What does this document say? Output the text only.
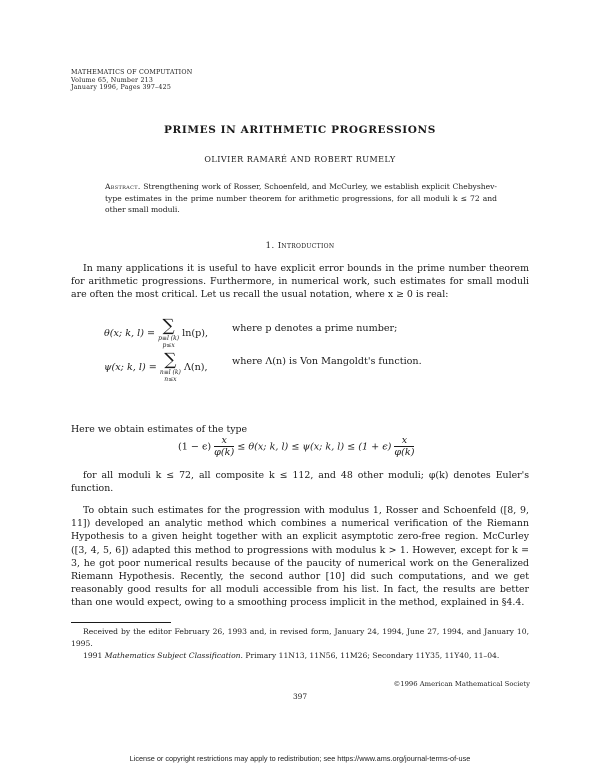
MATHEMATICS OF COMPUTATION
Volume 65, Number 213
January 1996, Pages 397–425
PRIMES IN ARITHMETIC PROGRESSIONS
OLIVIER RAMARÉ AND ROBERT RUMELY
Abstract. Strengthening work of Rosser, Schoenfeld, and McCurley, we establish explicit Chebyshev-type estimates in the prime number theorem for arithmetic progressions, for all moduli k ≤ 72 and other small moduli.
1. Introduction
In many applications it is useful to have explicit error bounds in the prime number theorem for arithmetic progressions. Furthermore, in numerical work, such estimates for small moduli are often the most critical. Let us recall the usual notation, where x ≥ 0 is real:
θ(x; k, l) = ∑
p≡l (k)
p≤x
ln(p), where p denotes a prime number;
ψ(x; k, l) = ∑
n≡l (k)
n≤x
Λ(n),
where Λ(n) is Von Mangoldt's function.
Here we obtain estimates of the type
$(1 - \epsilon) \frac{x}{\varphi(k)} \le \theta(x$; k, l) ≤ ψ(x; k, $l) \le (1 + \epsilon) \frac{x}{\varphi(k)}$
for all moduli k ≤ 72, all composite k ≤ 112, and 48 other moduli; φ(k) denotes Euler's function.
To obtain such estimates for the progression with modulus 1, Rosser and Schoenfeld ([8, 9, 11]) developed an analytic method which combines a numerical verification of the Riemann Hypothesis to a given height together with an explicit asymptotic zero-free region. McCurley ([3, 4, 5, 6]) adapted this method to progressions with modulus k > 1. However, except for k = 3, he got poor numerical results because of the paucity of numerical work on the Generalized Riemann Hypothesis. Recently, the second author [10] did such computations, and we get reasonably good results for all moduli accessible from his list. In fact, the results are better than one would expect, owing to a smoothing process implicit in the method, explained in §4.4.
Received by the editor February 26, 1993 and, in revised form, January 24, 1994, June 27, 1994, and January 10, 1995.
1991 Mathematics Subject Classification. Primary 11N13, 11N56, 11M26; Secondary 11Y35, 11Y40, 11–04.
©1996 American Mathematical Society
397
License or copyright restrictions may apply to redistribution; see https://www.ams.org/journal-terms-of-use
